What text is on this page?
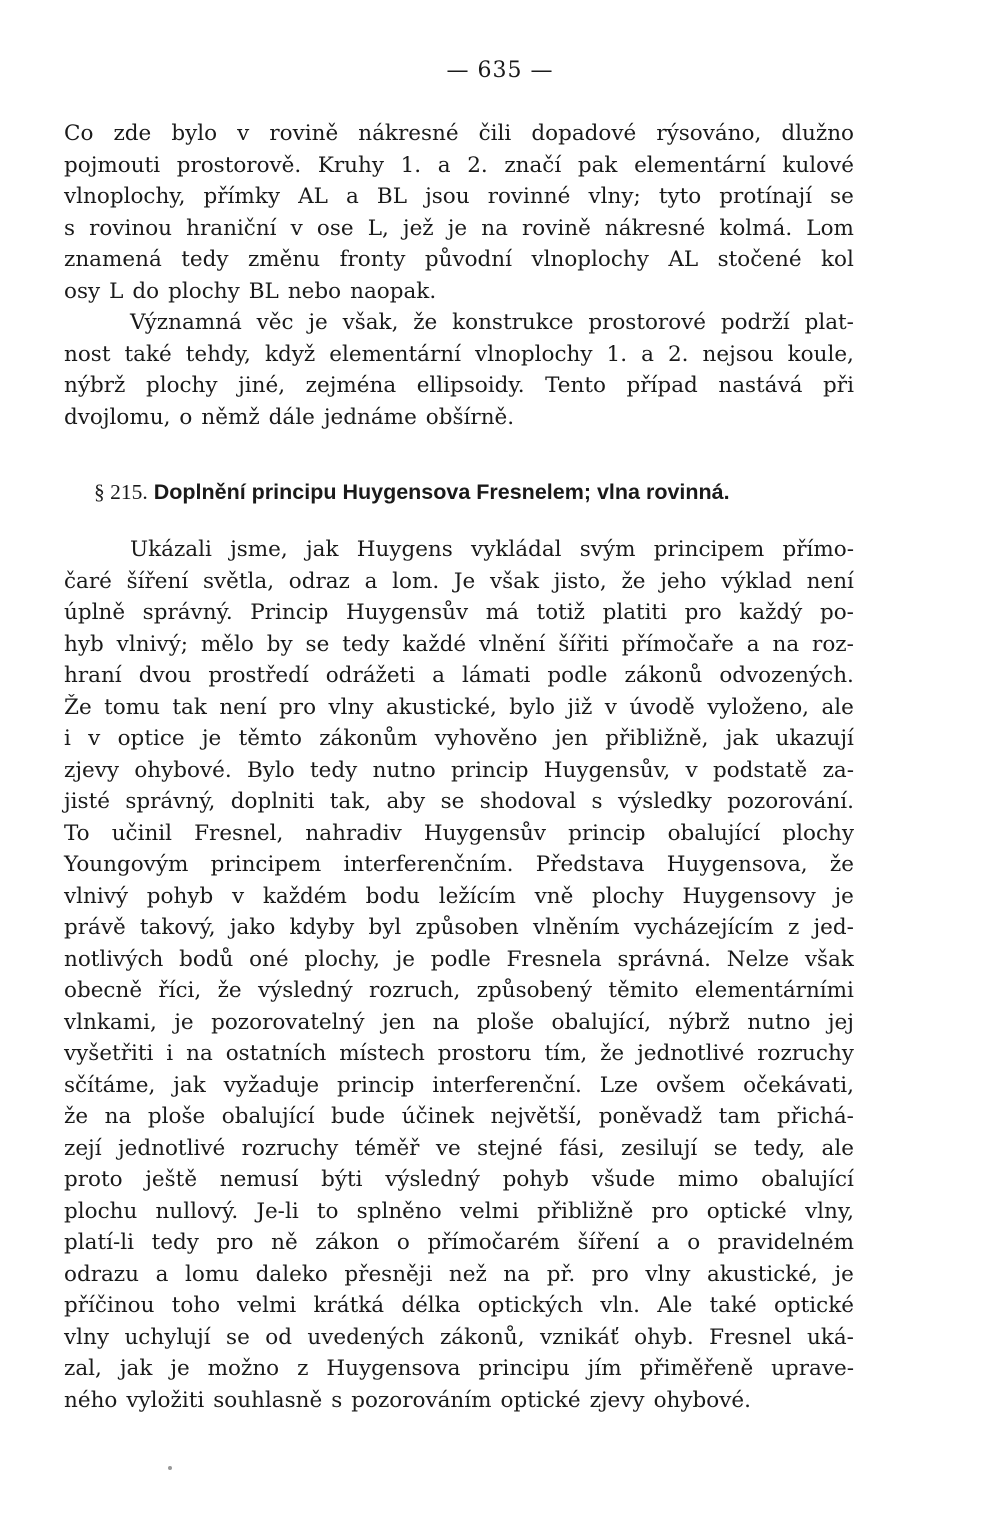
— 635 —
Co zde bylo v rovině nákresné čili dopadové rýsováno, dlužno
pojmouti prostorově. Kruhy 1. a 2. značí pak elementární kulové
vlnoplochy, přímky AL a BL jsou rovinné vlny; tyto protínají se
s rovinou hraniční v ose L, jež je na rovině nákresné kolmá. Lom
znamená tedy změnu fronty původní vlnoplochy AL stočené kol
osy L do plochy BL nebo naopak.
Významná věc je však, že konstrukce prostorové podrží plat-
nost také tehdy, když elementární vlnoplochy 1. a 2. nejsou koule,
nýbrž plochy jiné, zejména ellipsoidy. Tento případ nastává při
dvojlomu, o němž dále jednáme obšírně.
§ 215. Doplnění principu Huygensova Fresnelem; vlna rovinná.
Ukázali jsme, jak Huygens vykládal svým principem přímo-
čaré šíření světla, odraz a lom. Je však jisto, že jeho výklad není
úplně správný. Princip Huygensův má totiž platiti pro každý po-
hyb vlnivý; mělo by se tedy každé vlnění šířiti přímočaře a na roz-
hraní dvou prostředí odrážeti a lámati podle zákonů odvozených.
Že tomu tak není pro vlny akustické, bylo již v úvodě vyloženo, ale
i v optice je těmto zákonům vyhověno jen přibližně, jak ukazují
zjevy ohybové. Bylo tedy nutno princip Huygensův, v podstatě za-
jisté správný, doplniti tak, aby se shodoval s výsledky pozorování.
To učinil Fresnel, nahradiv Huygensův princip obalující plochy
Youngovým principem interferenčním. Představa Huygensova, že
vlnivý pohyb v každém bodu ležícím vně plochy Huygensovy je
právě takový, jako kdyby byl způsoben vlněním vycházejícím z jed-
notlivých bodů oné plochy, je podle Fresnela správná. Nelze však
obecně říci, že výsledný rozruch, způsobený těmito elementárními
vlnkami, je pozorovatelný jen na ploše obalující, nýbrž nutno jej
vyšetřiti i na ostatních místech prostoru tím, že jednotlivé rozruchy
sčítáme, jak vyžaduje princip interferenční. Lze ovšem očekávati,
že na ploše obalující bude účinek největší, poněvadž tam přichá-
zejí jednotlivé rozruchy téměř ve stejné fási, zesilují se tedy, ale
proto ještě nemusí býti výsledný pohyb všude mimo obalující
plochu nullový. Je-li to splněno velmi přibližně pro optické vlny,
platí-li tedy pro ně zákon o přímočarém šíření a o pravidelném
odrazu a lomu daleko přesněji než na př. pro vlny akustické, je
příčinou toho velmi krátká délka optických vln. Ale také optické
vlny uchylují se od uvedených zákonů, vznikáť ohyb. Fresnel uká-
zal, jak je možno z Huygensova principu jím přiměřeně uprave-
ného vyložiti souhlasně s pozorováním optické zjevy ohybové.
